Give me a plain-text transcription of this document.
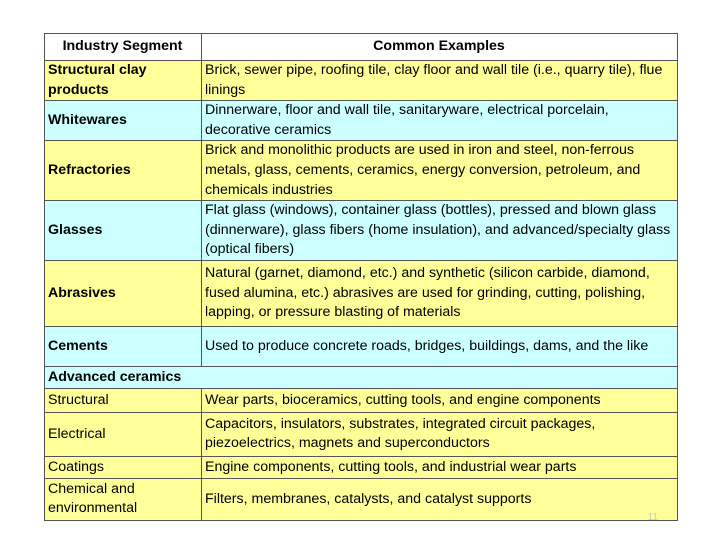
Industry Segment	Common Examples
Structural clay products	Brick, sewer pipe, roofing tile, clay floor and wall tile (i.e., quarry tile), flue linings
Whitewares	Dinnerware, floor and wall tile, sanitaryware, electrical porcelain, decorative ceramics
Refractories	Brick and monolithic products are used in iron and steel, non-ferrous metals, glass, cements, ceramics, energy conversion, petroleum, and chemicals industries
Glasses	Flat glass (windows), container glass (bottles), pressed and blown glass (dinnerware), glass fibers (home insulation), and advanced/specialty glass (optical fibers)
Abrasives	Natural (garnet, diamond, etc.) and synthetic (silicon carbide, diamond, fused alumina, etc.) abrasives are used for grinding, cutting, polishing, lapping, or pressure blasting of materials
Cements	Used to produce concrete roads, bridges, buildings, dams, and the like
Advanced ceramics	
Structural	Wear parts, bioceramics, cutting tools, and engine components
Electrical	Capacitors, insulators, substrates, integrated circuit packages, piezoelectrics, magnets and superconductors
Coatings	Engine components, cutting tools, and industrial wear parts
Chemical and environmental	Filters, membranes, catalysts, and catalyst supports
11
